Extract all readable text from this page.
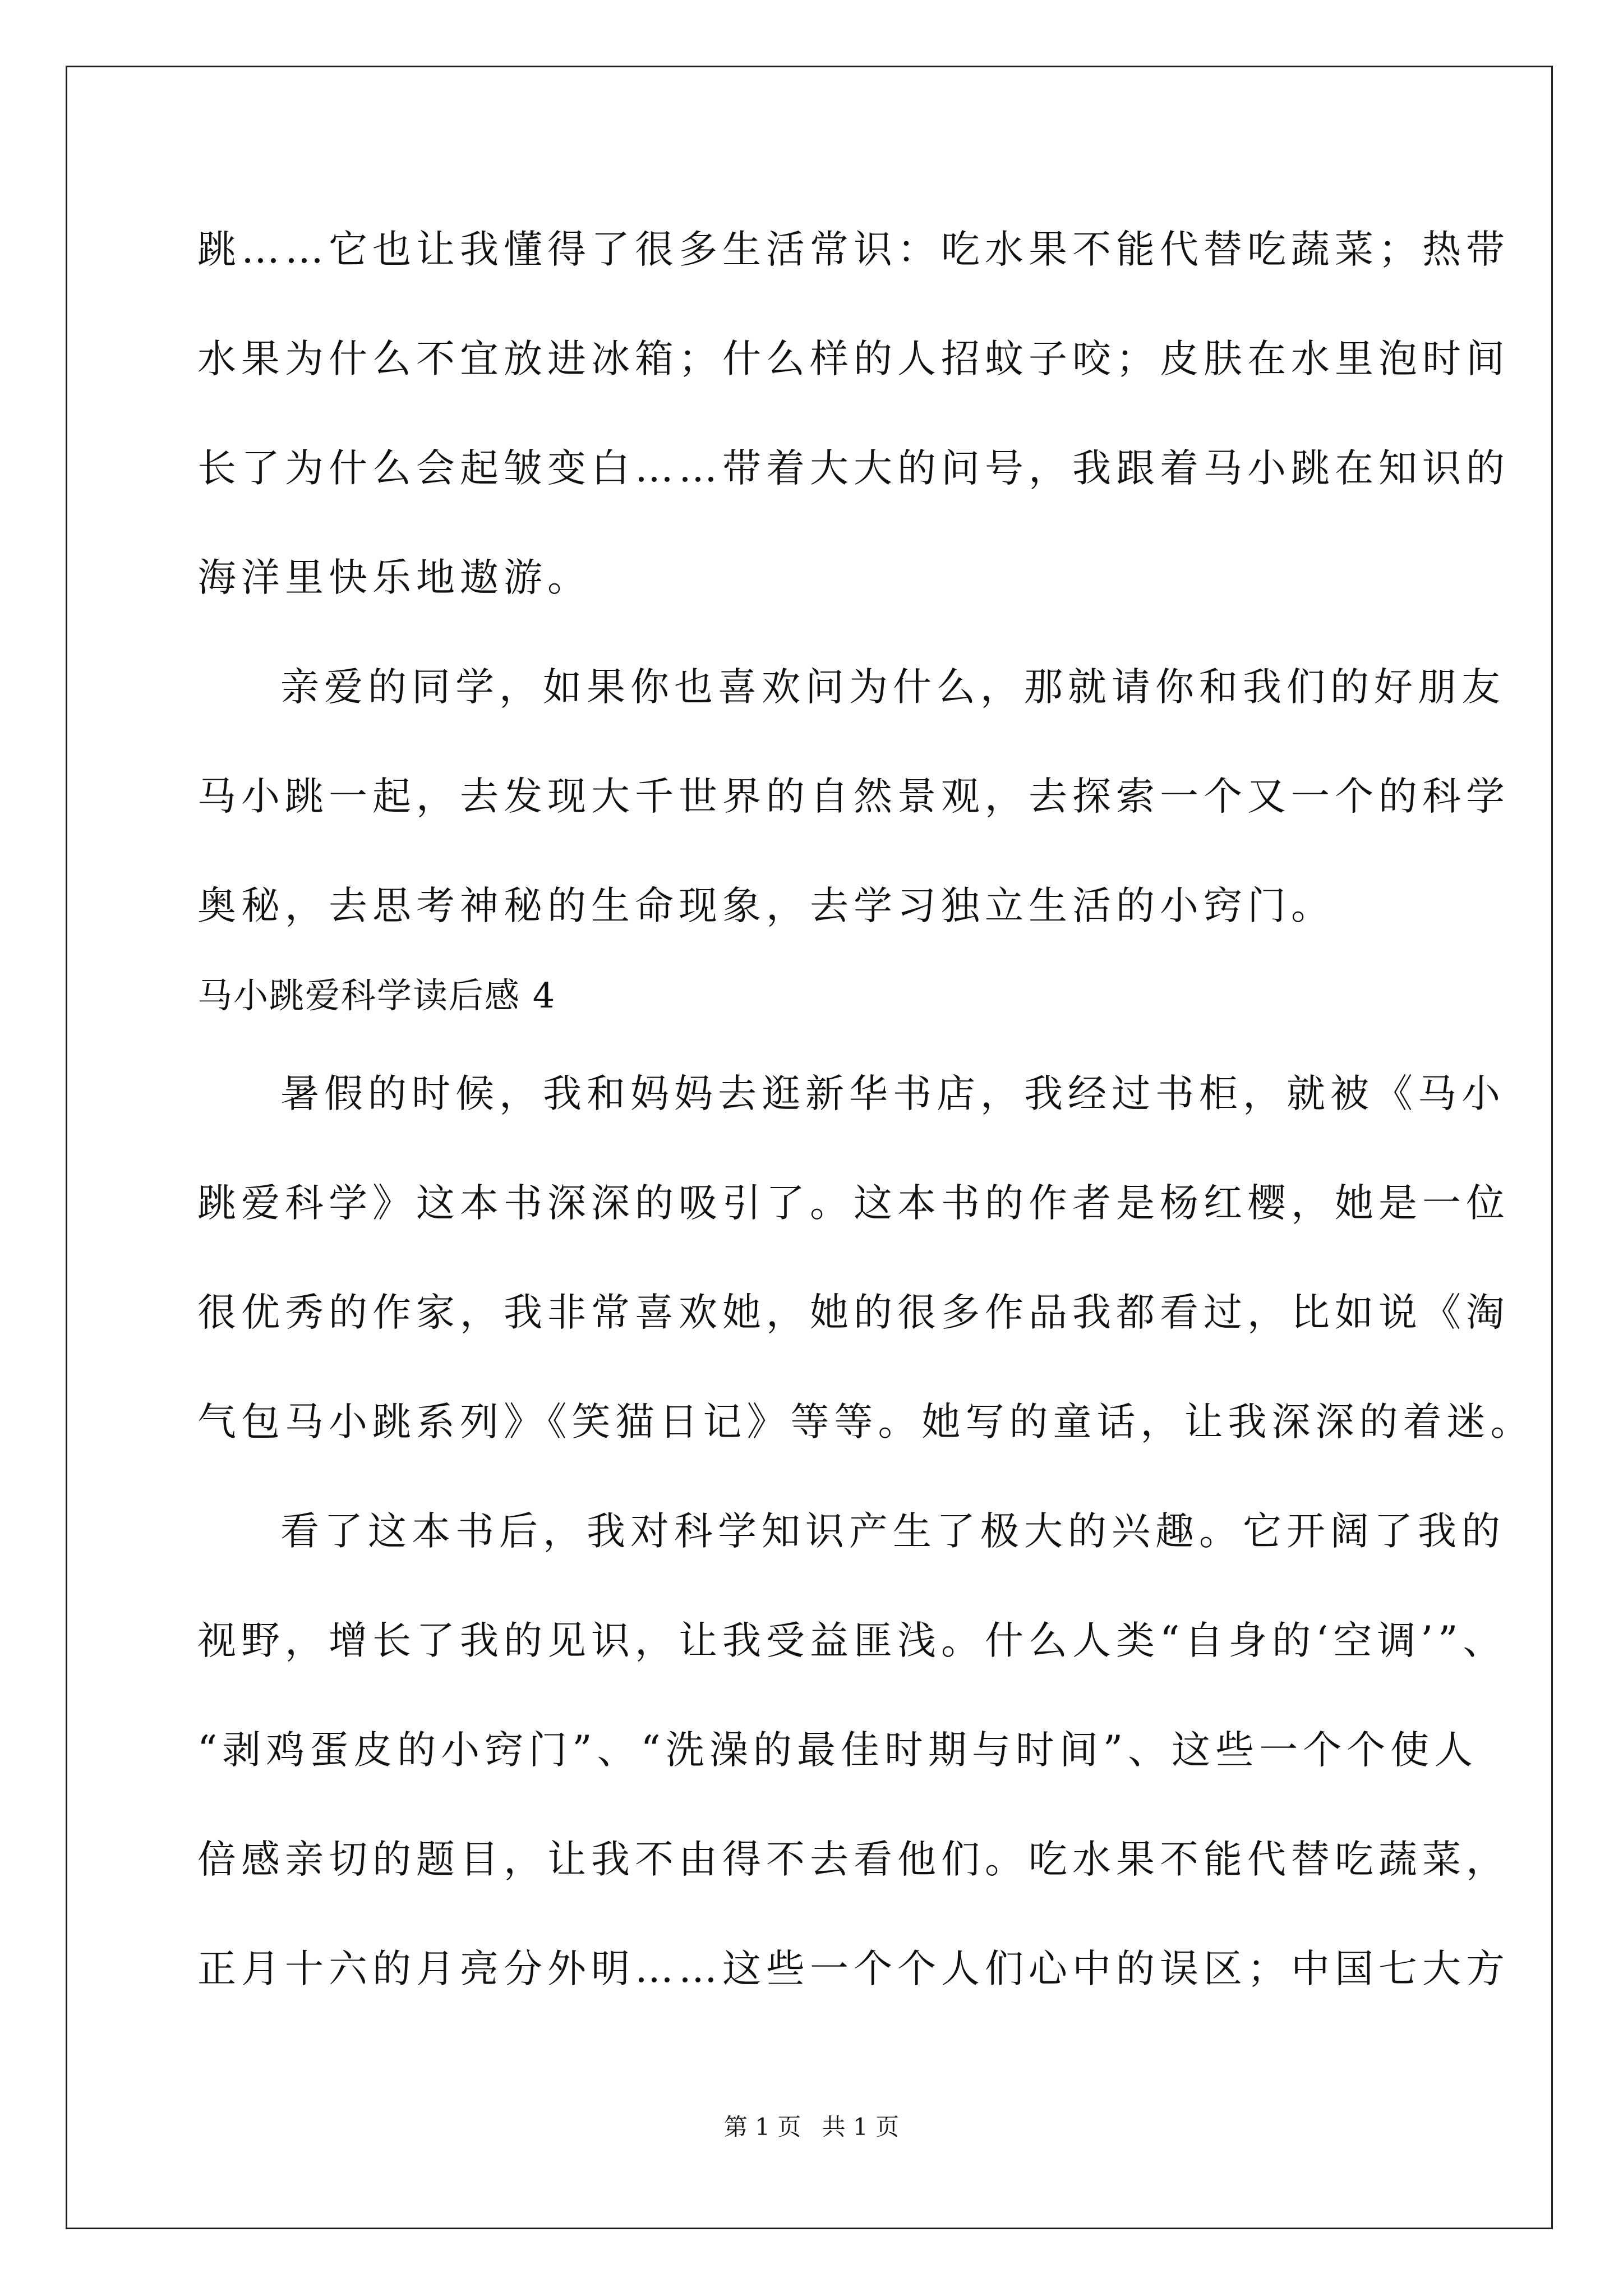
跳……它也让我懂得了很多生活常识：吃水果不能代替吃蔬菜；热带
水果为什么不宜放进冰箱；什么样的人招蚊子咬；皮肤在水里泡时间
长了为什么会起皱变白……带着大大的问号，我跟着马小跳在知识的
海洋里快乐地遨游。
亲爱的同学，如果你也喜欢问为什么，那就请你和我们的好朋友
马小跳一起，去发现大千世界的自然景观，去探索一个又一个的科学
奥秘，去思考神秘的生命现象，去学习独立生活的小窍门。
马小跳爱科学读后感 4
暑假的时候，我和妈妈去逛新华书店，我经过书柜，就被《马小
跳爱科学》这本书深深的吸引了。这本书的作者是杨红樱，她是一位
很优秀的作家，我非常喜欢她，她的很多作品我都看过，比如说《淘
气包马小跳系列》《笑猫日记》等等。她写的童话，让我深深的着迷。
看了这本书后，我对科学知识产生了极大的兴趣。它开阔了我的
视野，增长了我的见识，让我受益匪浅。什么人类“自身的‘空调’”、
“剥鸡蛋皮的小窍门”、“洗澡的最佳时期与时间”、这些一个个使人
倍感亲切的题目，让我不由得不去看他们。吃水果不能代替吃蔬菜，
正月十六的月亮分外明……这些一个个人们心中的误区；中国七大方
第 1 页 共 1 页
